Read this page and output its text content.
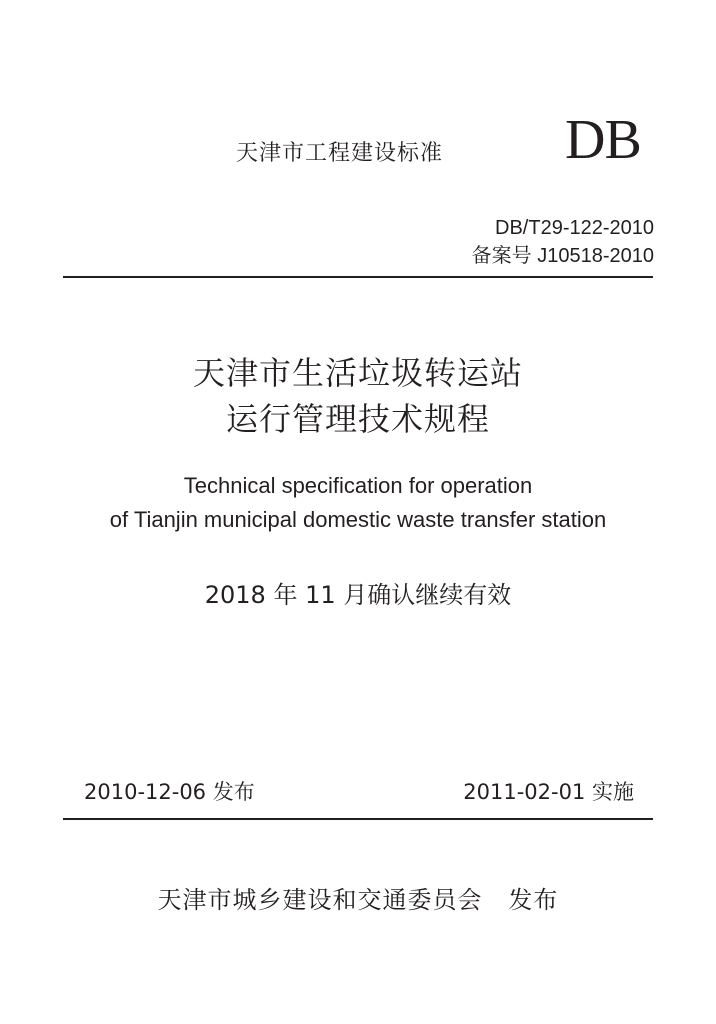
天津市工程建设标准 DB
DB/T29-122-2010
备案号 J10518-2010
天津市生活垃圾转运站
运行管理技术规程
Technical specification for operation
of Tianjin municipal domestic waste transfer station
2018 年 11 月确认继续有效
2010-12-06 发布	2011-02-01 实施
天津市城乡建设和交通委员会   发布
